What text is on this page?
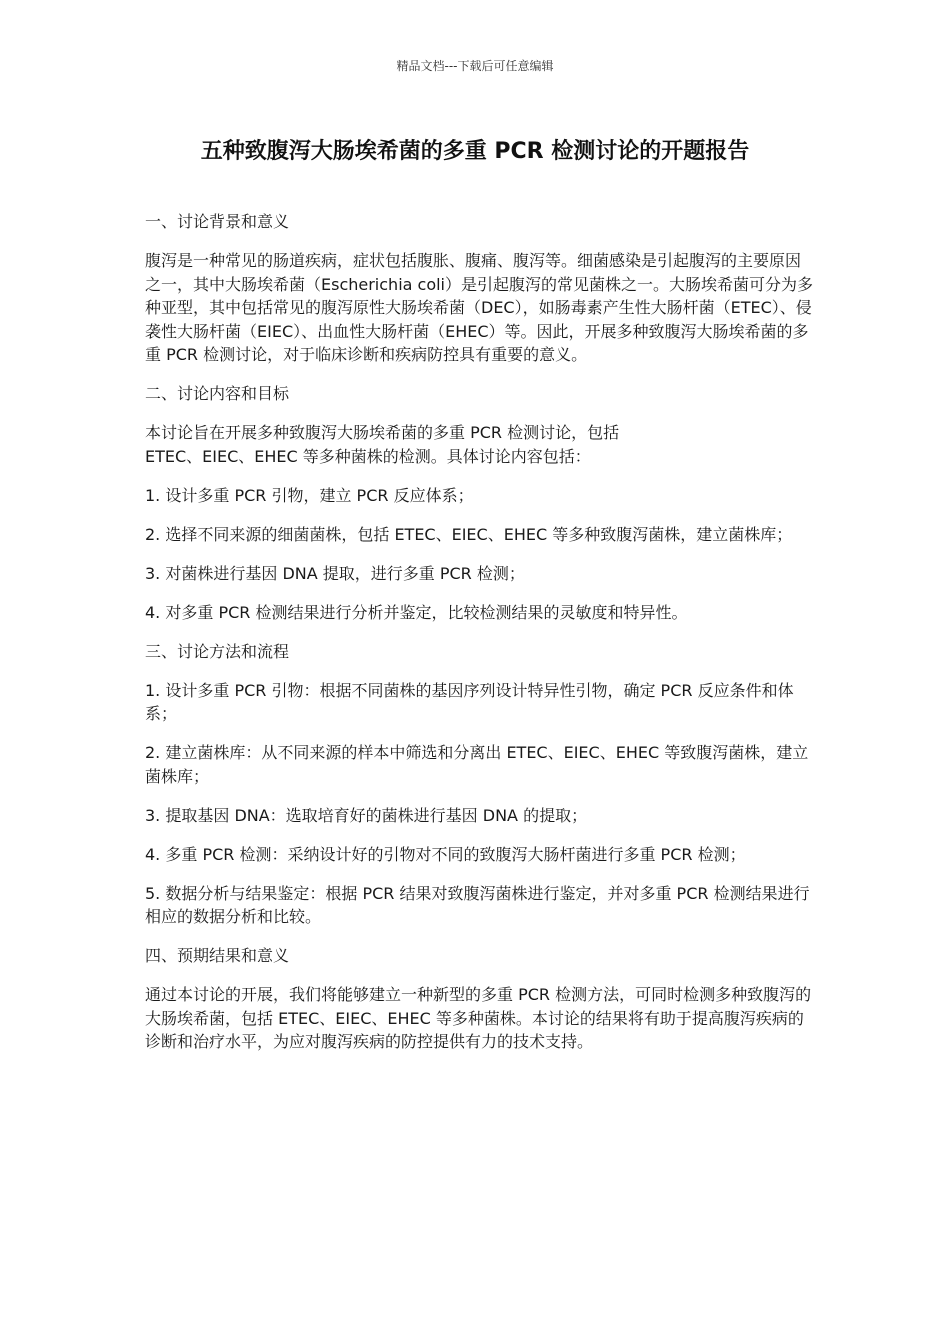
精品文档---下载后可任意编辑
五种致腹泻大肠埃希菌的多重 PCR 检测讨论的开题报告

一、讨论背景和意义

腹泻是一种常见的肠道疾病，症状包括腹胀、腹痛、腹泻等。细菌感染是引起腹泻的主要原因之一，其中大肠埃希菌（Escherichia coli）是引起腹泻的常见菌株之一。大肠埃希菌可分为多种亚型，其中包括常见的腹泻原性大肠埃希菌（DEC），如肠毒素产生性大肠杆菌（ETEC）、侵袭性大肠杆菌（EIEC）、出血性大肠杆菌（EHEC）等。因此，开展多种致腹泻大肠埃希菌的多重 PCR 检测讨论，对于临床诊断和疾病防控具有重要的意义。

二、讨论内容和目标

本讨论旨在开展多种致腹泻大肠埃希菌的多重 PCR 检测讨论，包括
ETEC、EIEC、EHEC 等多种菌株的检测。具体讨论内容包括：

1. 设计多重 PCR 引物，建立 PCR 反应体系；

2. 选择不同来源的细菌菌株，包括 ETEC、EIEC、EHEC 等多种致腹泻菌株，建立菌株库；

3. 对菌株进行基因 DNA 提取，进行多重 PCR 检测；

4. 对多重 PCR 检测结果进行分析并鉴定，比较检测结果的灵敏度和特异性。

三、讨论方法和流程

1. 设计多重 PCR 引物：根据不同菌株的基因序列设计特异性引物，确定 PCR 反应条件和体系；

2. 建立菌株库：从不同来源的样本中筛选和分离出 ETEC、EIEC、EHEC 等致腹泻菌株，建立菌株库；

3. 提取基因 DNA：选取培育好的菌株进行基因 DNA 的提取；

4. 多重 PCR 检测：采纳设计好的引物对不同的致腹泻大肠杆菌进行多重 PCR 检测；

5. 数据分析与结果鉴定：根据 PCR 结果对致腹泻菌株进行鉴定，并对多重 PCR 检测结果进行相应的数据分析和比较。

四、预期结果和意义

通过本讨论的开展，我们将能够建立一种新型的多重 PCR 检测方法，可同时检测多种致腹泻的大肠埃希菌，包括 ETEC、EIEC、EHEC 等多种菌株。本讨论的结果将有助于提高腹泻疾病的诊断和治疗水平，为应对腹泻疾病的防控提供有力的技术支持。
